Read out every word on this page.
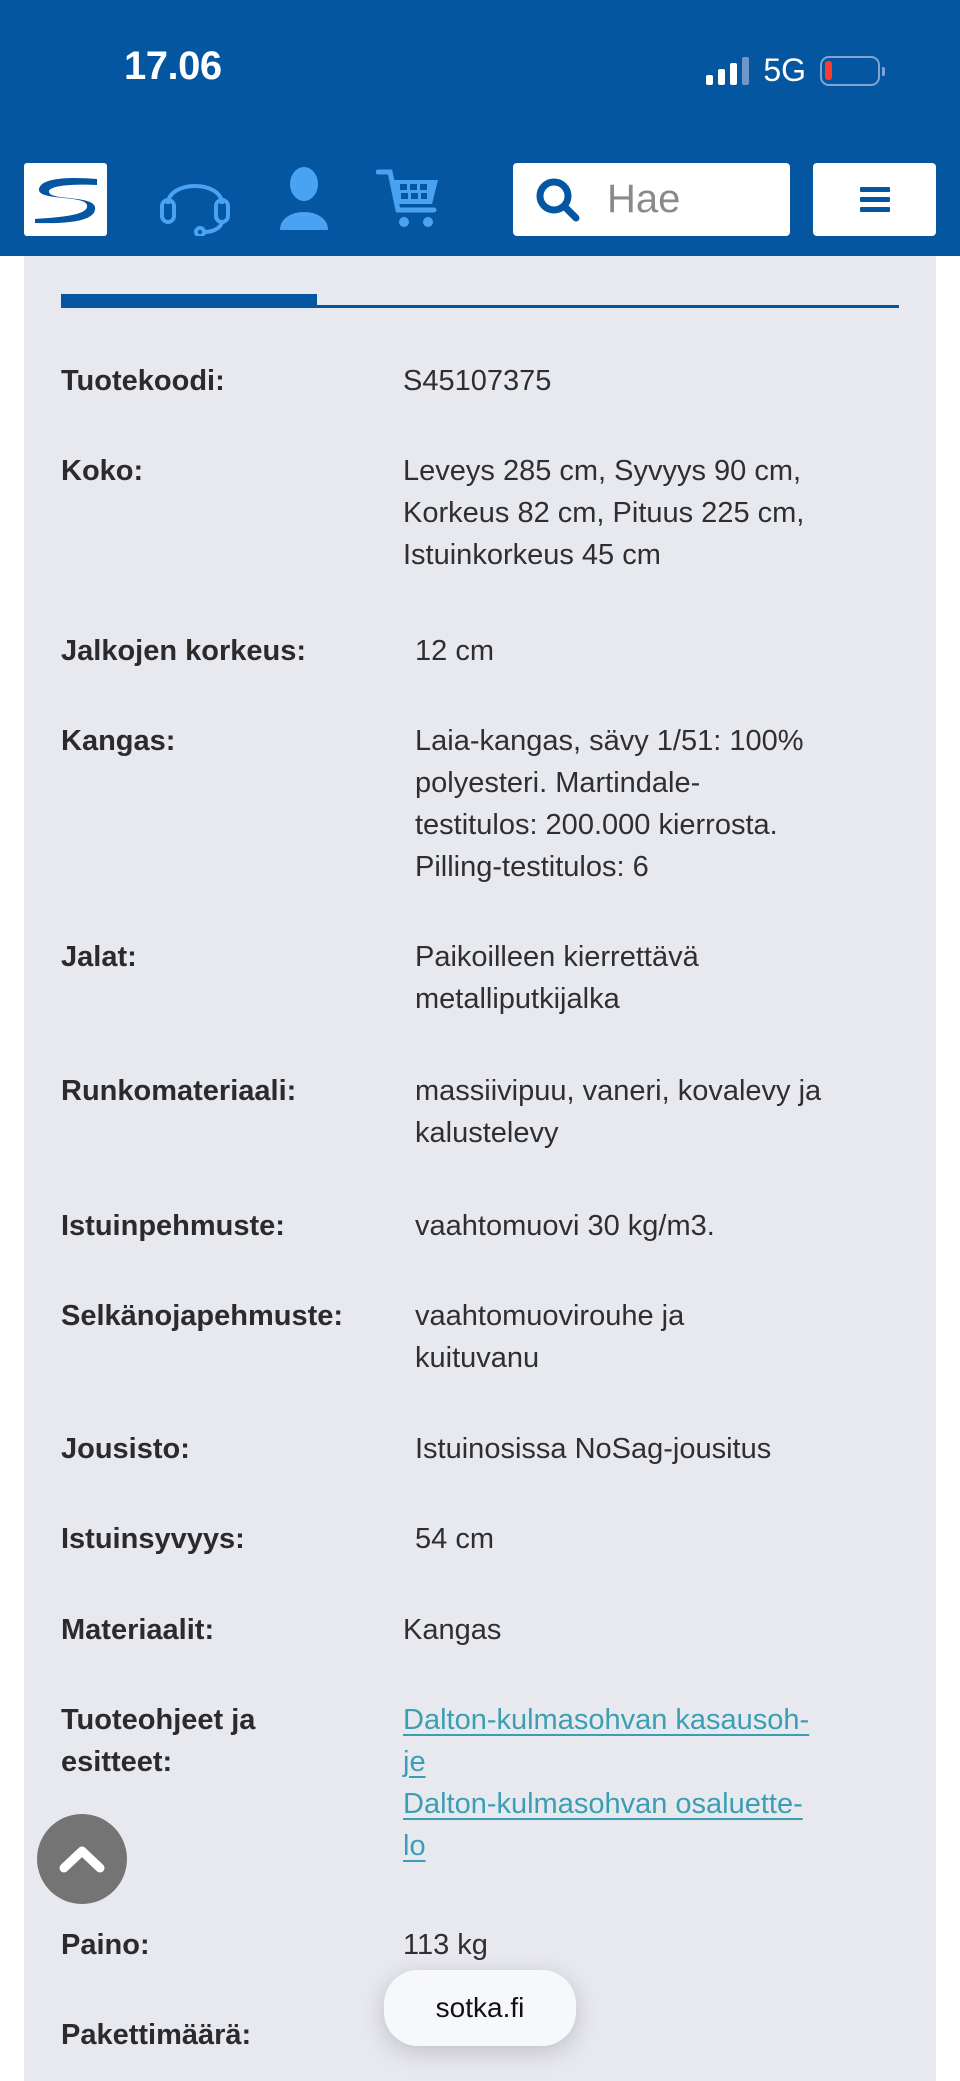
17.06	5G
Hae
Tuotekoodi:	S45107375
Koko:	Leveys 285 cm, Syvyys 90 cm,
Korkeus 82 cm, Pituus 225 cm,
Istuinkorkeus 45 cm
Jalkojen korkeus:	12 cm
Kangas:	Laia-kangas, sävy 1/51: 100%
polyesteri. Martindale-
testitulos: 200.000 kierrosta.
Pilling-testitulos: 6
Jalat:	Paikoilleen kierrettävä
metalliputkijalka
Runkomateriaali:	massiivipuu, vaneri, kovalevy ja
kalustelevy
Istuinpehmuste:	vaahtomuovi 30 kg/m3.
Selkänojapehmuste:	vaahtomuovirouhe ja
kuituvanu
Jousisto:	Istuinosissa NoSag-jousitus
Istuinsyvyys:	54 cm
Materiaalit:	Kangas
Tuoteohjeet ja
esitteet:
Dalton-kulmasohvan kasausoh-
je
Dalton-kulmasohvan osaluette-
lo
Paino:	113 kg
Pakettimäärä:
sotka.fi
